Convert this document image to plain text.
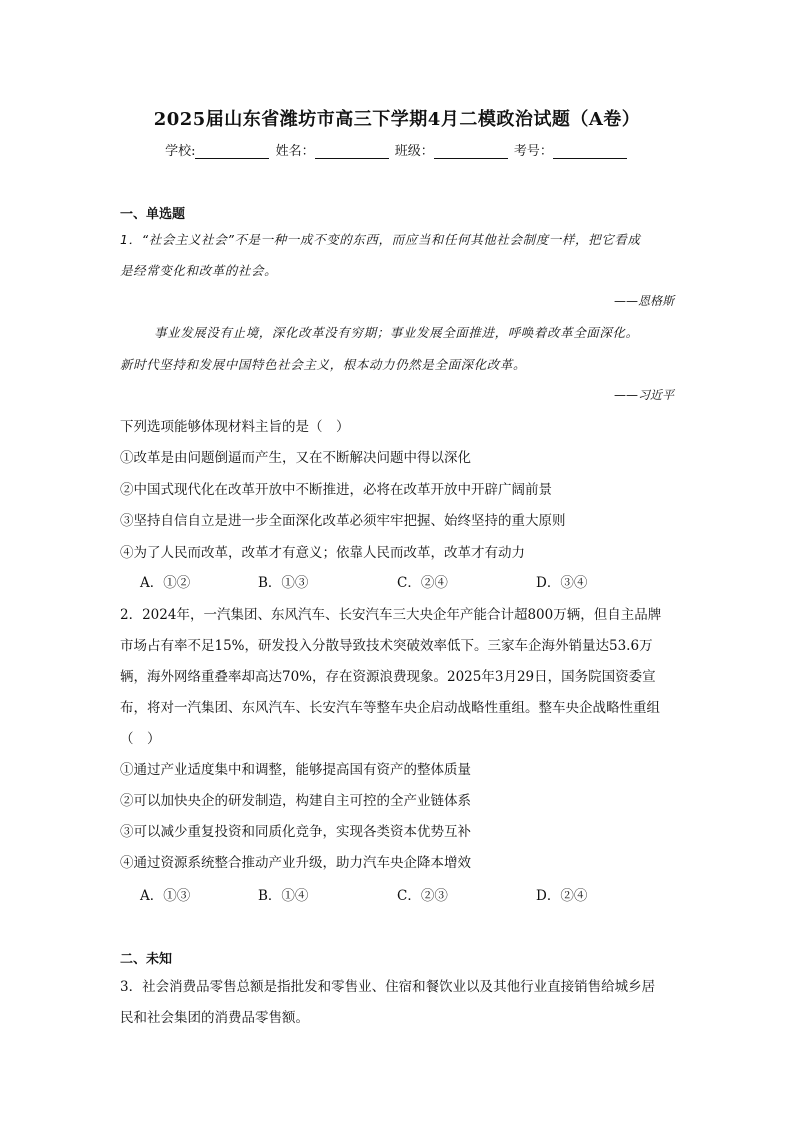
2025届山东省潍坊市高三下学期4月二模政治试题（A卷）
学校:	姓名：	班级：	考号：
一、单选题
1．“社会主义社会”不是一种一成不变的东西，而应当和任何其他社会制度一样，把它看成
是经常变化和改革的社会。
——恩格斯
事业发展没有止境，深化改革没有穷期；事业发展全面推进，呼唤着改革全面深化。
新时代坚持和发展中国特色社会主义，根本动力仍然是全面深化改革。
——习近平
下列选项能够体现材料主旨的是（　）
①改革是由问题倒逼而产生，又在不断解决问题中得以深化
②中国式现代化在改革开放中不断推进，必将在改革开放中开辟广阔前景
③坚持自信自立是进一步全面深化改革必须牢牢把握、始终坚持的重大原则
④为了人民而改革，改革才有意义；依靠人民而改革，改革才有动力
A．①②	B．①③	C．②④	D．③④
2．2024年，一汽集团、东风汽车、长安汽车三大央企年产能合计超800万辆，但自主品牌
市场占有率不足15%，研发投入分散导致技术突破效率低下。三家车企海外销量达53.6万
辆，海外网络重叠率却高达70%，存在资源浪费现象。2025年3月29日，国务院国资委宣
布，将对一汽集团、东风汽车、长安汽车等整车央企启动战略性重组。整车央企战略性重组
（　）
①通过产业适度集中和调整，能够提高国有资产的整体质量
②可以加快央企的研发制造，构建自主可控的全产业链体系
③可以减少重复投资和同质化竞争，实现各类资本优势互补
④通过资源系统整合推动产业升级，助力汽车央企降本增效
A．①③	B．①④	C．②③	D．②④
二、未知
3．社会消费品零售总额是指批发和零售业、住宿和餐饮业以及其他行业直接销售给城乡居
民和社会集团的消费品零售额。
